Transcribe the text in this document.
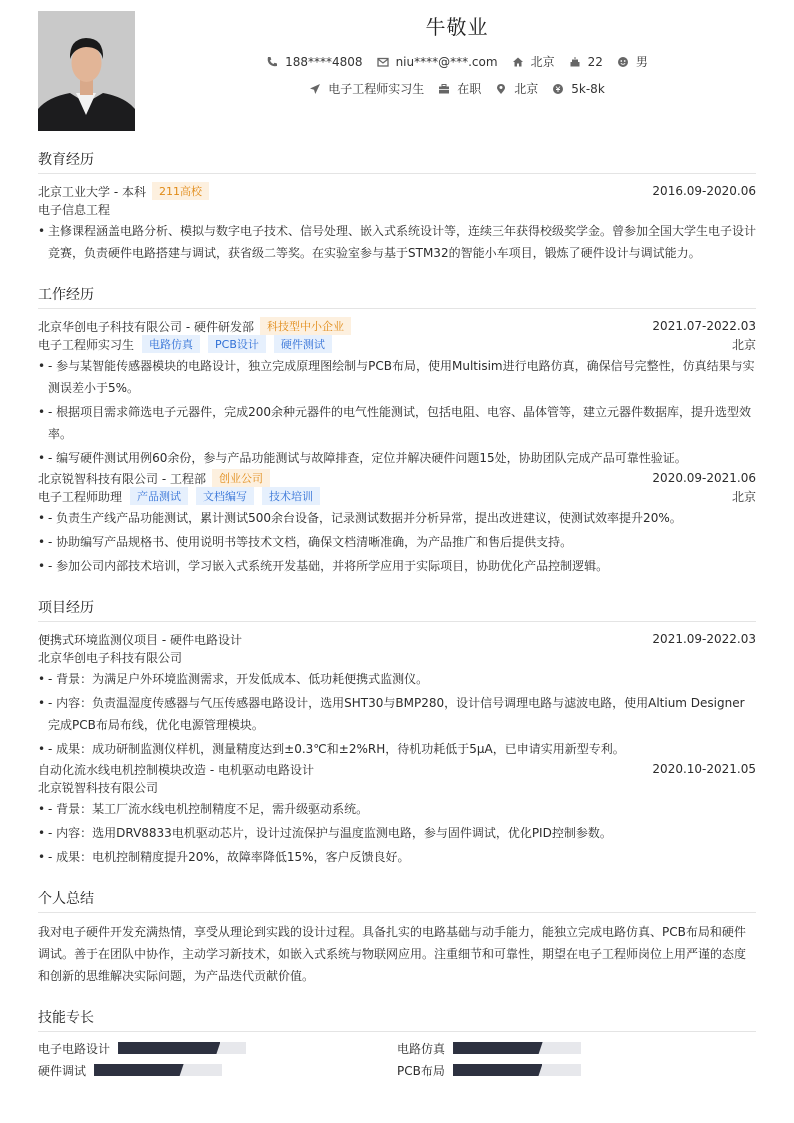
牛敬业
188****4808	niu****@***.com	北京	22	男
电子工程师实习生	在职	北京	5k-8k
教育经历
北京工业大学 - 本科	211高校	2016.09-2020.06
电子信息工程
• 主修课程涵盖电路分析、模拟与数字电子技术、信号处理、嵌入式系统设计等，连续三年获得校级奖学金。曾参加全国大学生电子设计竞赛，负责硬件电路搭建与调试，获省级二等奖。在实验室参与基于STM32的智能小车项目，锻炼了硬件设计与调试能力。
工作经历
北京华创电子科技有限公司 - 硬件研发部	科技型中小企业	2021.07-2022.03
电子工程师实习生	电路仿真	PCB设计	硬件测试	北京
• - 参与某智能传感器模块的电路设计，独立完成原理图绘制与PCB布局，使用Multisim进行电路仿真，确保信号完整性，仿真结果与实测误差小于5%。
• - 根据项目需求筛选电子元器件，完成200余种元器件的电气性能测试，包括电阻、电容、晶体管等，建立元器件数据库，提升选型效率。
• - 编写硬件测试用例60余份，参与产品功能测试与故障排查，定位并解决硬件问题15处，协助团队完成产品可靠性验证。
北京锐智科技有限公司 - 工程部	创业公司	2020.09-2021.06
电子工程师助理	产品测试	文档编写	技术培训	北京
• - 负责生产线产品功能测试，累计测试500余台设备，记录测试数据并分析异常，提出改进建议，使测试效率提升20%。
• - 协助编写产品规格书、使用说明书等技术文档，确保文档清晰准确，为产品推广和售后提供支持。
• - 参加公司内部技术培训，学习嵌入式系统开发基础，并将所学应用于实际项目，协助优化产品控制逻辑。
项目经历
便携式环境监测仪项目 - 硬件电路设计	2021.09-2022.03
北京华创电子科技有限公司
• - 背景：为满足户外环境监测需求，开发低成本、低功耗便携式监测仪。
• - 内容：负责温湿度传感器与气压传感器电路设计，选用SHT30与BMP280，设计信号调理电路与滤波电路，使用Altium Designer完成PCB布局布线，优化电源管理模块。
• - 成果：成功研制监测仪样机，测量精度达到±0.3℃和±2%RH，待机功耗低于5μA，已申请实用新型专利。
自动化流水线电机控制模块改造 - 电机驱动电路设计	2020.10-2021.05
北京锐智科技有限公司
• - 背景：某工厂流水线电机控制精度不足，需升级驱动系统。
• - 内容：选用DRV8833电机驱动芯片，设计过流保护与温度监测电路，参与固件调试，优化PID控制参数。
• - 成果：电机控制精度提升20%，故障率降低15%，客户反馈良好。
个人总结
我对电子硬件开发充满热情，享受从理论到实践的设计过程。具备扎实的电路基础与动手能力，能独立完成电路仿真、PCB布局和硬件调试。善于在团队中协作，主动学习新技术，如嵌入式系统与物联网应用。注重细节和可靠性，期望在电子工程师岗位上用严谨的态度和创新的思维解决实际问题，为产品迭代贡献价值。
技能专长
电子电路设计	电路仿真
硬件调试	PCB布局
